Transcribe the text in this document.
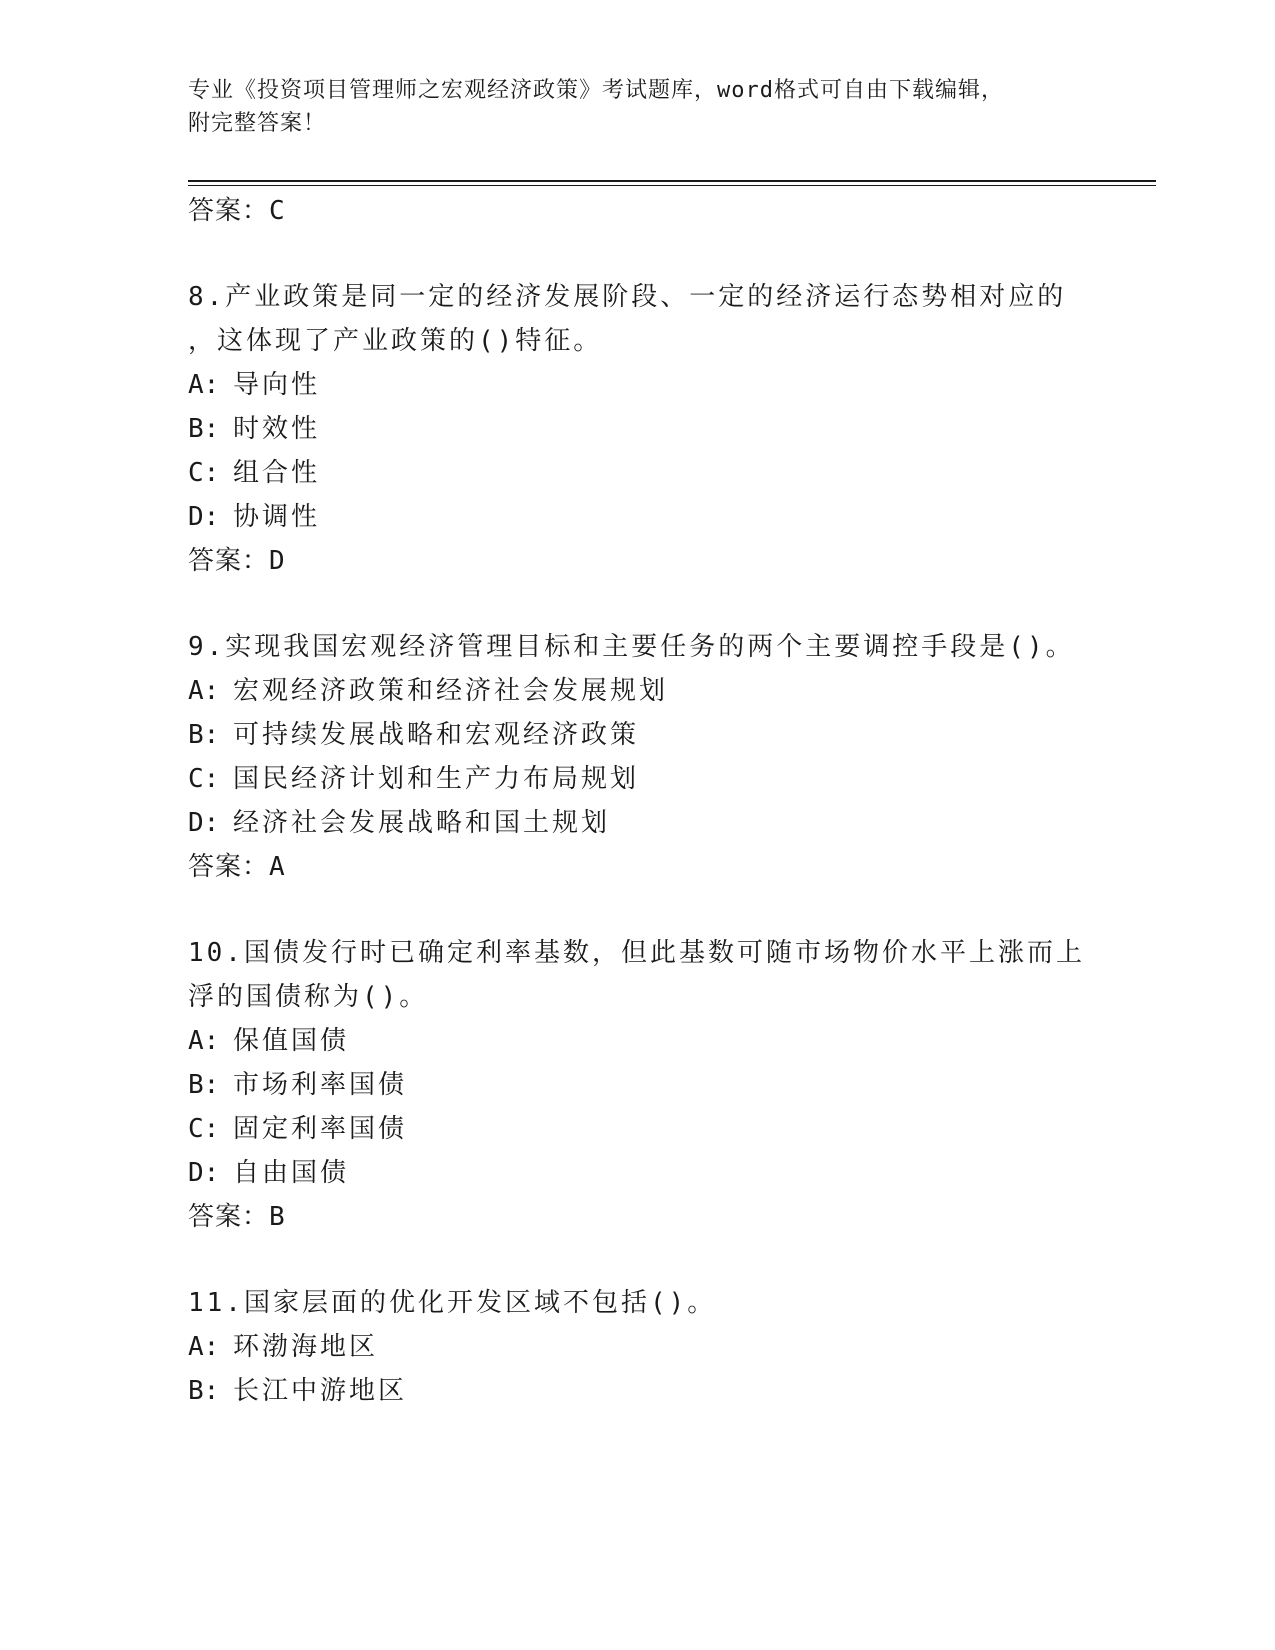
专业《投资项目管理师之宏观经济政策》考试题库，word格式可自由下载编辑，
附完整答案！
答案：C
8.产业政策是同一定的经济发展阶段、一定的经济运行态势相对应的
，这体现了产业政策的()特征。
A: 导向性
B: 时效性
C: 组合性
D: 协调性
答案：D
9.实现我国宏观经济管理目标和主要任务的两个主要调控手段是()。
A: 宏观经济政策和经济社会发展规划
B: 可持续发展战略和宏观经济政策
C: 国民经济计划和生产力布局规划
D: 经济社会发展战略和国土规划
答案：A
10.国债发行时已确定利率基数，但此基数可随市场物价水平上涨而上
浮的国债称为()。
A: 保值国债
B: 市场利率国债
C: 固定利率国债
D: 自由国债
答案：B
11.国家层面的优化开发区域不包括()。
A: 环渤海地区
B: 长江中游地区
